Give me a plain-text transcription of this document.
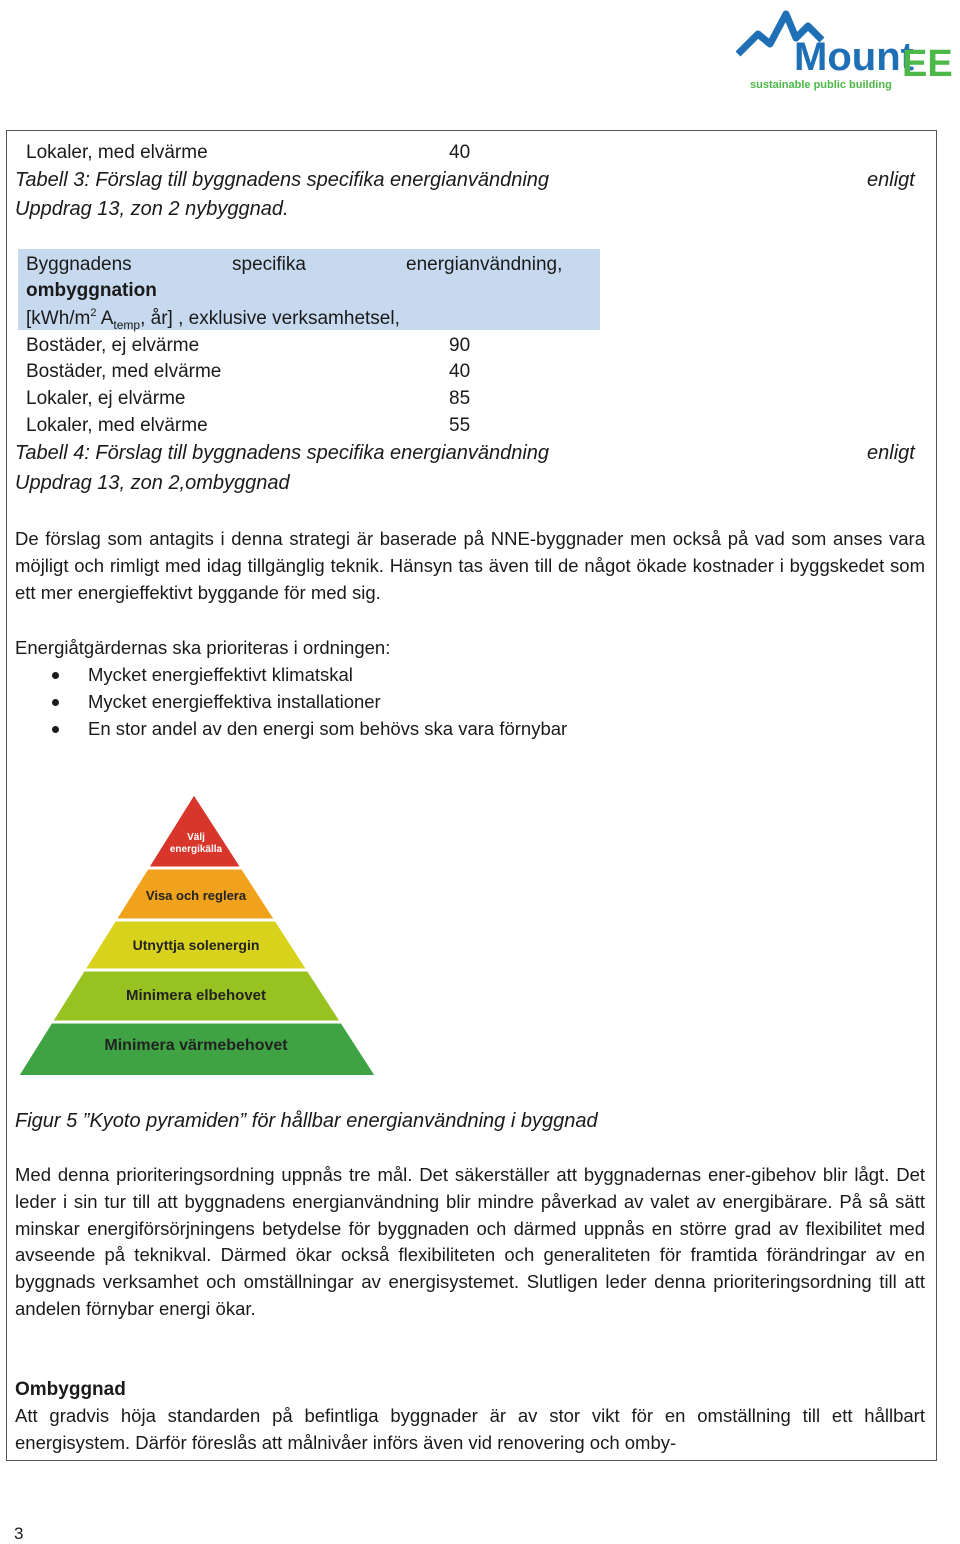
Mount
EE
sustainable public building
Lokaler, med elvärme	40
Tabell 3: Förslag till byggnadens specifika energianvändning	enligt
Uppdrag 13, zon 2 nybyggnad.
Byggnadens	specifika	energianvändning,
ombyggnation
[$kWh/m^2$ $A_{temp}$, år] , exklusive verksamhetsel,
Bostäder, ej elvärme	90
Bostäder, med elvärme	40
Lokaler, ej elvärme	85
Lokaler, med elvärme	55
Tabell 4: Förslag till byggnadens specifika energianvändning	enligt
Uppdrag 13, zon 2,ombyggnad
De förslag som antagits i denna strategi är baserade på NNE-byggnader men också på vad som anses vara möjligt och rimligt med idag tillgänglig teknik. Hänsyn tas även till de något ökade kostnader i byggskedet som ett mer energieffektivt byggande för med sig.
Energiåtgärdernas ska prioriteras i ordningen:
Mycket energieffektivt klimatskal
Mycket energieffektiva installationer
En stor andel av den energi som behövs ska vara förnybar
Välj
energikälla
Visa och reglera
Utnyttja solenergin
Minimera elbehovet
Minimera värmebehovet
Figur 5 ”Kyoto pyramiden” för hållbar energianvändning i byggnad
Med denna prioriteringsordning uppnås tre mål. Det säkerställer att byggnadernas ener-gibehov blir lågt. Det leder i sin tur till att byggnadens energianvändning blir mindre påverkad av valet av energibärare. På så sätt minskar energiförsörjningens betydelse för byggnaden och därmed uppnås en större grad av flexibilitet med avseende på teknikval. Därmed ökar också flexibiliteten och generaliteten för framtida förändringar av en byggnads verksamhet och omställningar av energisystemet. Slutligen leder denna prioriteringsordning till att andelen förnybar energi ökar.
Ombyggnad
Att gradvis höja standarden på befintliga byggnader är av stor vikt för en omställning till ett hållbart energisystem. Därför föreslås att målnivåer införs även vid renovering och omby-
3
